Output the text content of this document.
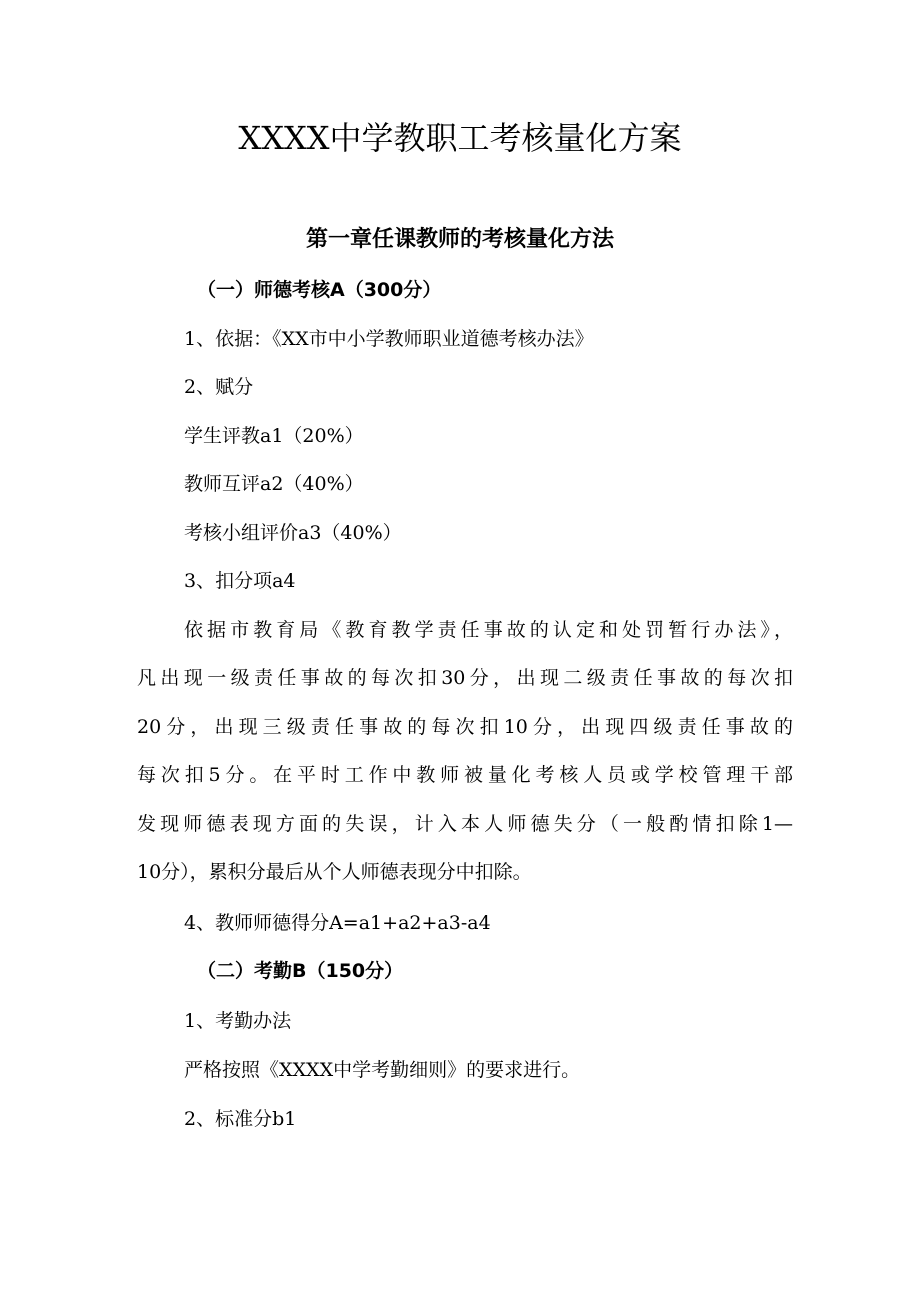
XXXX中学教职工考核量化方案
第一章任课教师的考核量化方法
（一）师德考核A（300分）

1、依据：《XX市中小学教师职业道德考核办法》

2、赋分

学生评教a1（20%）

教师互评a2（40%）

考核小组评价a3（40%）

3、扣分项a4

依据市教育局《教育教学责任事故的认定和处罚暂行办法》，

凡出现一级责任事故的每次扣30分，出现二级责任事故的每次扣

20分，出现三级责任事故的每次扣10分，出现四级责任事故的

每次扣5分。在平时工作中教师被量化考核人员或学校管理干部

发现师德表现方面的失误，计入本人师德失分（一般酌情扣除1—

10分），累积分最后从个人师德表现分中扣除。

4、教师师德得分A=a1+a2+a3-a4

（二）考勤B（150分）

1、考勤办法

严格按照《XXXX中学考勤细则》的要求进行。

2、标准分b1
